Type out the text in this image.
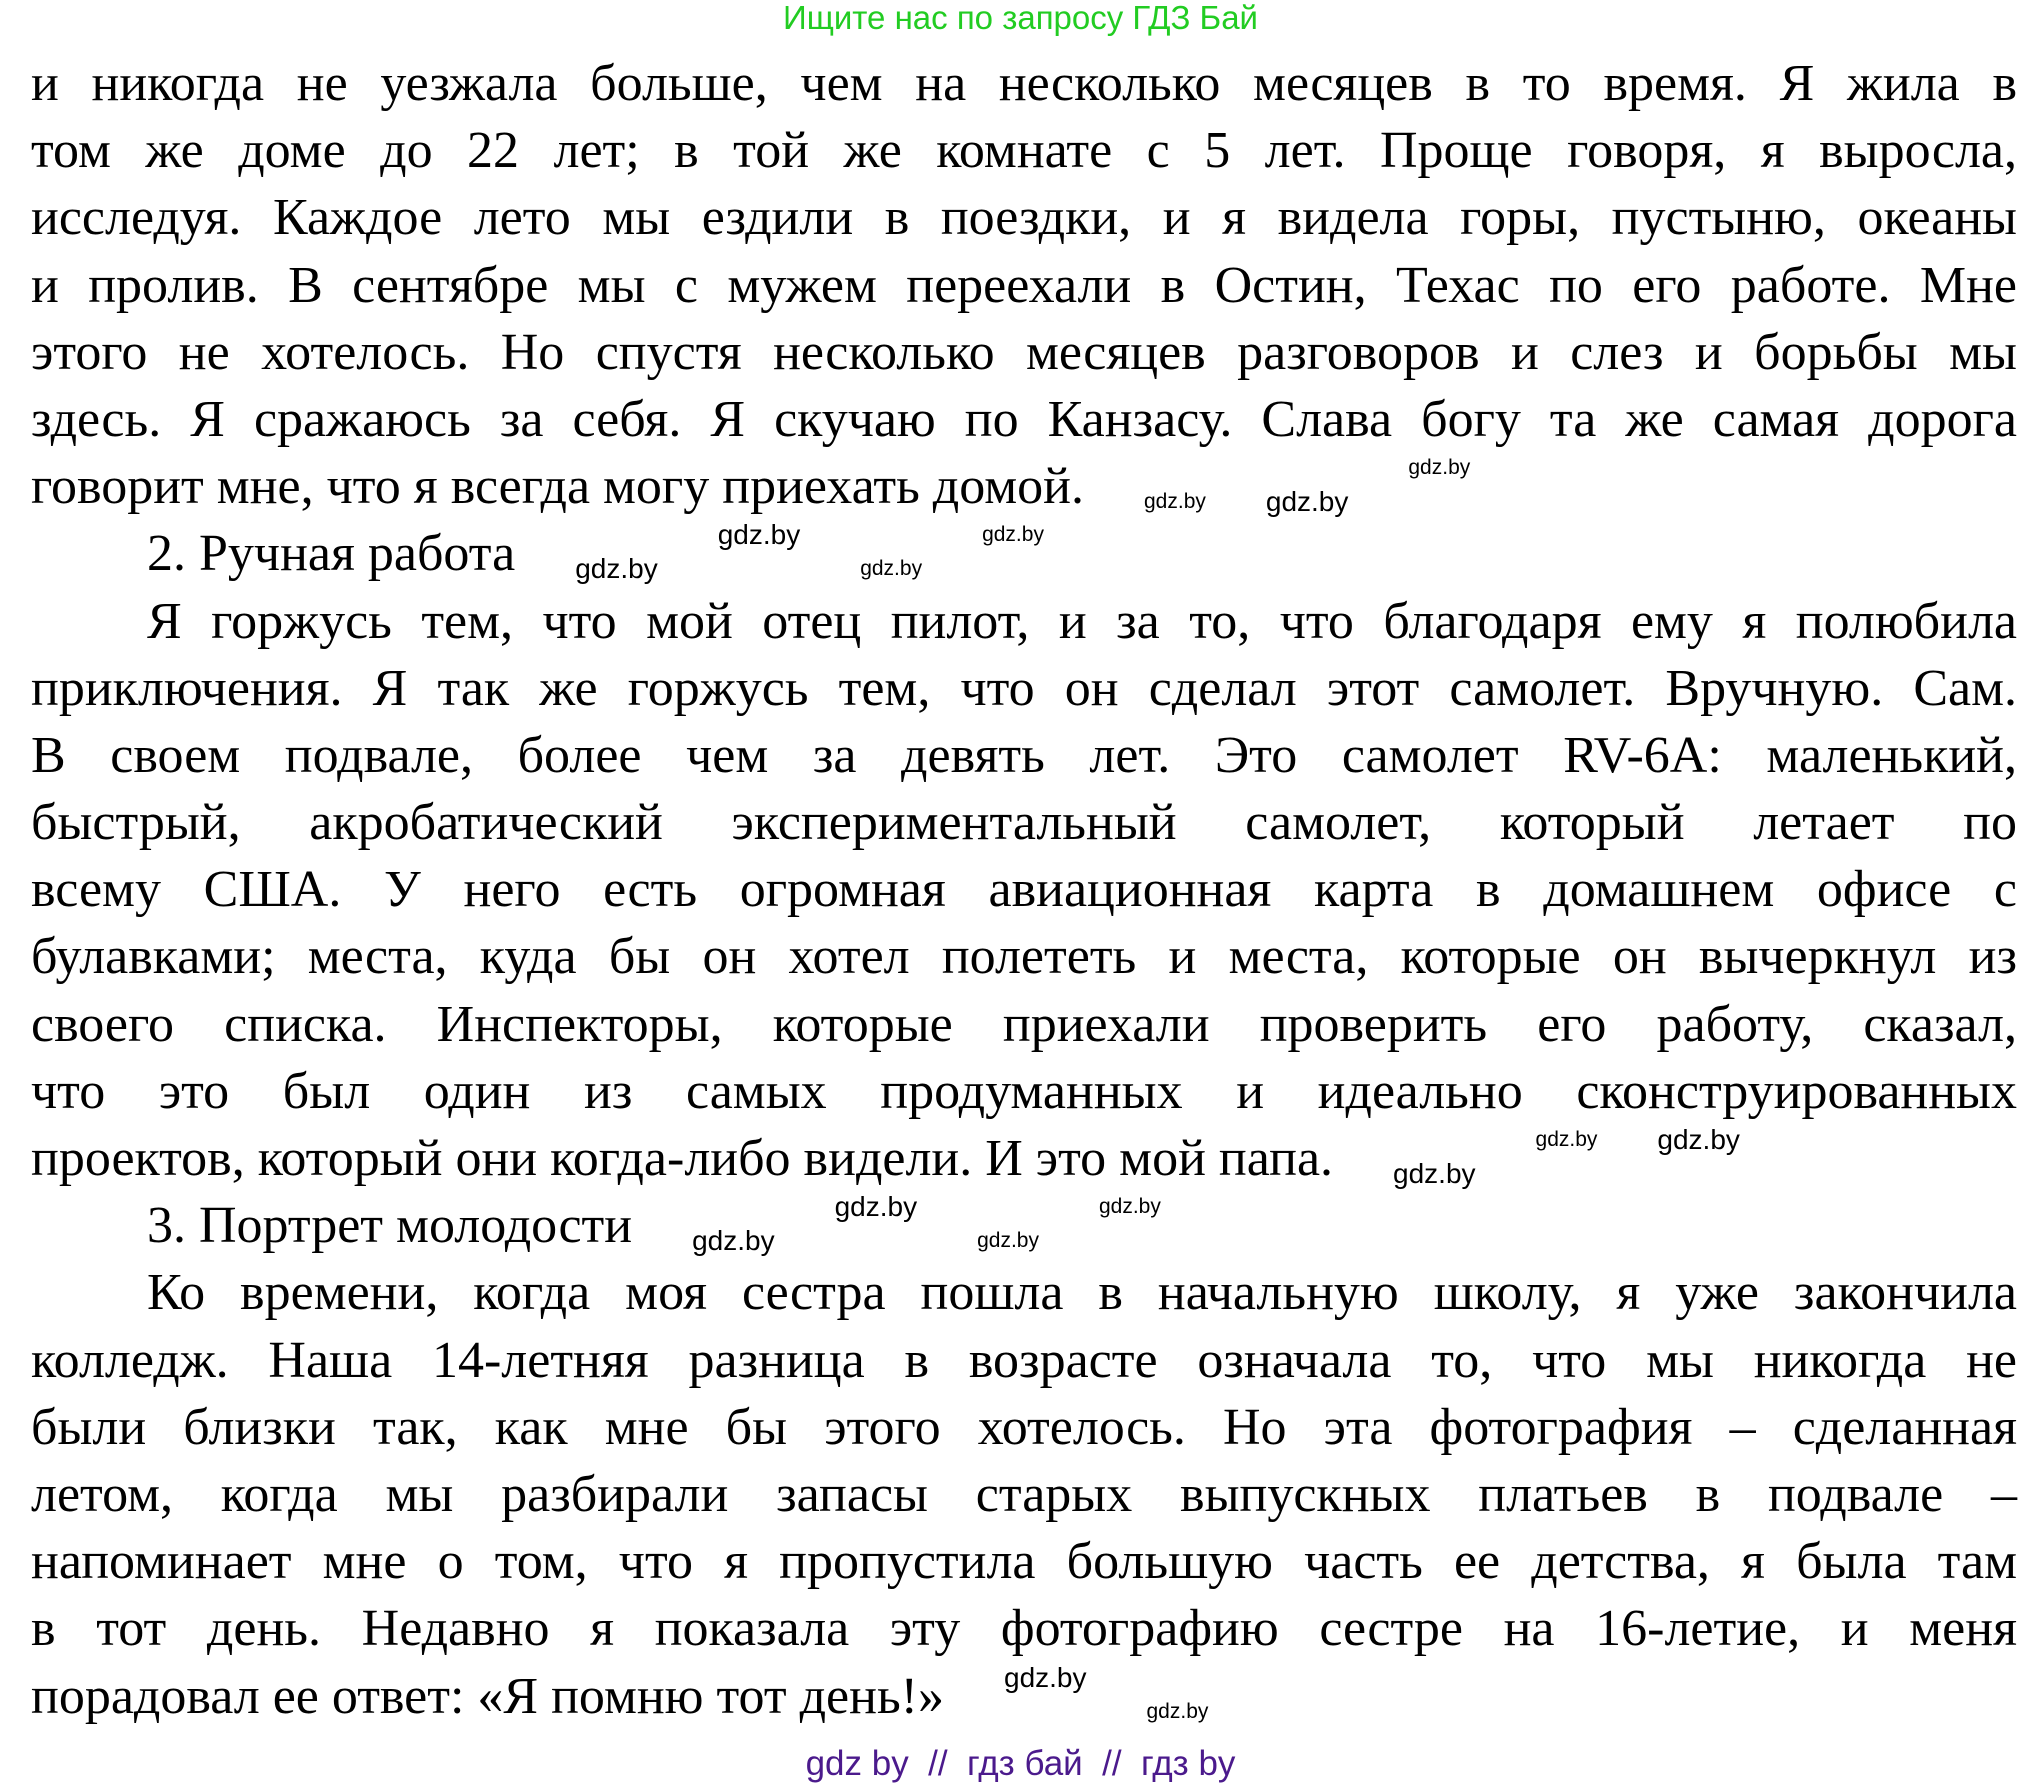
Ищите нас по запросу ГДЗ Бай
и никогда не уезжала больше, чем на несколько месяцев в то время. Я жила в
том же доме до 22 лет; в той же комнате с 5 лет. Проще говоря, я выросла,
исследуя. Каждое лето мы ездили в поездки, и я видела горы, пустыню, океаны
и пролив. В сентябре мы с мужем переехали в Остин, Техас по его работе. Мне
этого не хотелось. Но спустя несколько месяцев разговоров и слез и борьбы мы
здесь. Я сражаюсь за себя. Я скучаю по Канзасу. Слава богу та же самая дорога
говорит мне, что я всегда могу приехать домой.	gdz.by gdz.bygdz.by
2. Ручная работа gdz.bygdz.bygdz.bygdz.by
Я горжусь тем, что мой отец пилот, и за то, что благодаря ему я полюбила
приключения. Я так же горжусь тем, что он сделал этот самолет. Вручную. Сам.
В своем подвале, более чем за девять лет. Это самолет RV-6A: маленький,
быстрый, акробатический экспериментальный самолет, который летает по
всему США. У него есть огромная авиационная карта в домашнем офисе с
булавками; места, куда бы он хотел полететь и места, которые он вычеркнул из
своего списка. Инспекторы, которые приехали проверить его работу, сказал,
что это был один из самых продуманных и идеально сконструированных
проектов, который они когда-либо видели. И это мой папа. gdz.bygdz.by gdz.by
3. Портрет молодости gdz.bygdz.bygdz.bygdz.by
Ко времени, когда моя сестра пошла в начальную школу, я уже закончила
колледж. Наша 14-летняя разница в возрасте означала то, что мы никогда не
были близки так, как мне бы этого хотелось. Но эта фотография – сделанная
летом, когда мы разбирали запасы старых выпускных платьев в подвале –
напоминает мне о том, что я пропустила большую часть ее детства, я была там
в тот день. Недавно я показала эту фотографию сестре на 16-летие, и меня
порадовал ее ответ: «Я помню тот день!» gdz.bygdz.by
gdz by  //  гдз бай  //  гдз by
